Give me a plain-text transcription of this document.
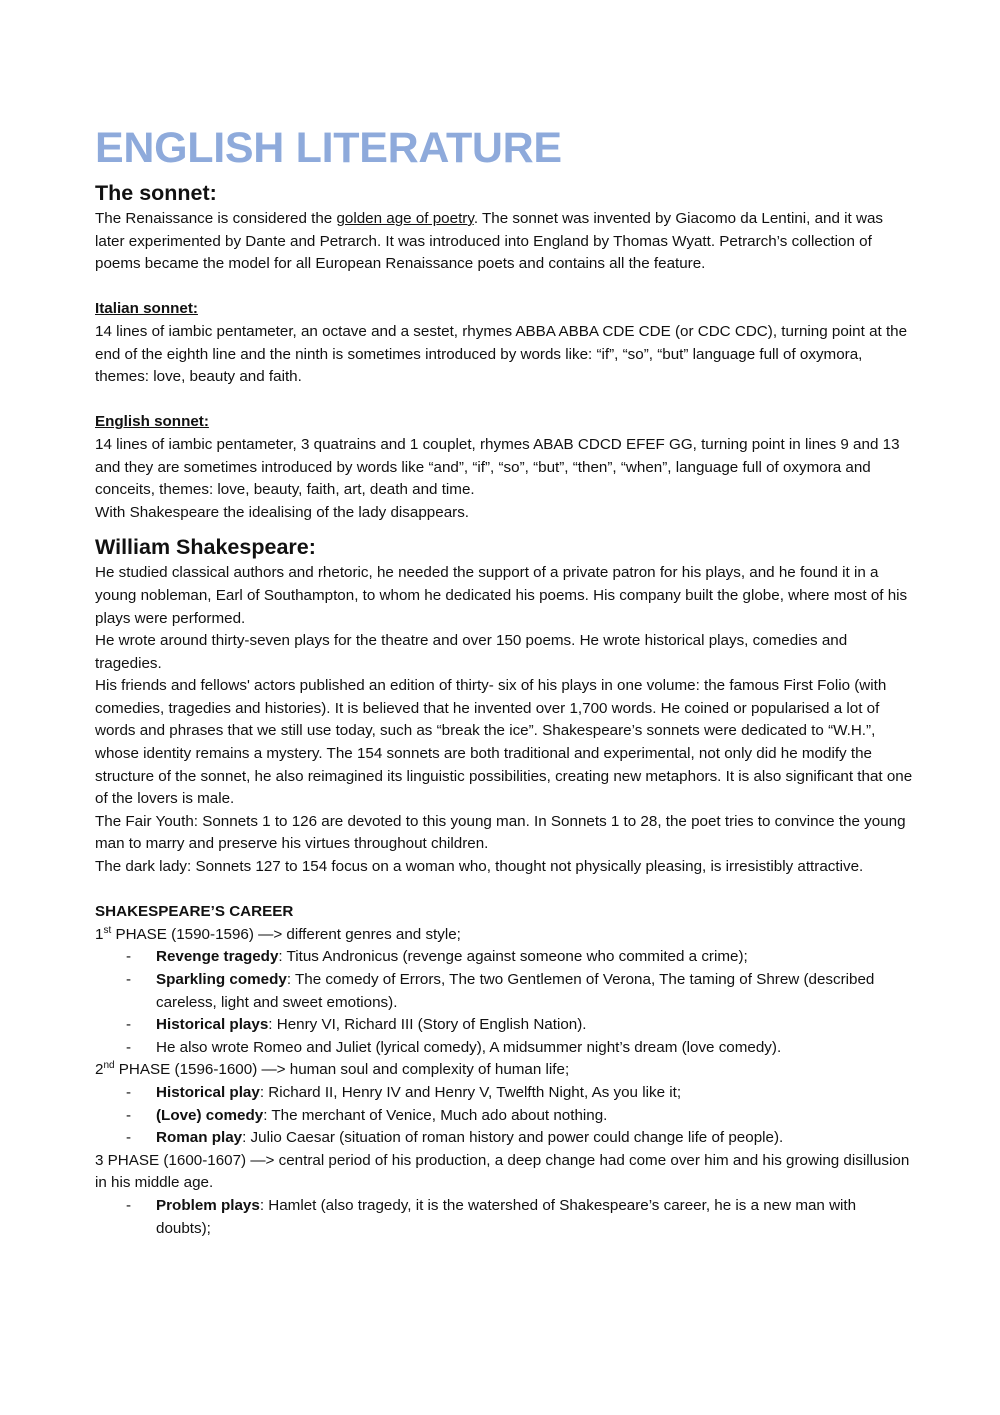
ENGLISH LITERATURE
The sonnet:

The Renaissance is considered the golden age of poetry. The sonnet was invented by Giacomo da Lentini, and it was later experimented by Dante and Petrarch. It was introduced into England by Thomas Wyatt. Petrarch’s collection of poems became the model for all European Renaissance poets and contains all the feature.

Italian sonnet:

14 lines of iambic pentameter, an octave and a sestet, rhymes ABBA ABBA CDE CDE (or CDC CDC), turning point at the end of the eighth line and the ninth is sometimes introduced by words like: “if”, “so”, “but” language full of oxymora, themes: love, beauty and faith.

English sonnet:

14 lines of iambic pentameter, 3 quatrains and 1 couplet, rhymes ABAB CDCD EFEF GG, turning point in lines 9 and 13 and they are sometimes introduced by words like “and”, “if”, “so”, “but”, “then”, “when”, language full of oxymora and conceits, themes: love, beauty, faith, art, death and time.

With Shakespeare the idealising of the lady disappears.

William Shakespeare:

He studied classical authors and rhetoric, he needed the support of a private patron for his plays, and he found it in a young nobleman, Earl of Southampton, to whom he dedicated his poems. His company built the globe, where most of his plays were performed.

He wrote around thirty-seven plays for the theatre and over 150 poems. He wrote historical plays, comedies and tragedies.

His friends and fellows' actors published an edition of thirty- six of his plays in one volume: the famous First Folio (with comedies, tragedies and histories). It is believed that he invented over 1,700 words. He coined or popularised a lot of words and phrases that we still use today, such as “break the ice”. Shakespeare’s sonnets were dedicated to “W.H.”, whose identity remains a mystery. The 154 sonnets are both traditional and experimental, not only did he modify the structure of the sonnet, he also reimagined its linguistic possibilities, creating new metaphors. It is also significant that one of the lovers is male.

The Fair Youth: Sonnets 1 to 126 are devoted to this young man. In Sonnets 1 to 28, the poet tries to convince the young man to marry and preserve his virtues throughout children.

The dark lady: Sonnets 127 to 154 focus on a woman who, thought not physically pleasing, is irresistibly attractive.

SHAKESPEARE’S CAREER

1st PHASE (1590-1596) —> different genres and style;

- Revenge tragedy: Titus Andronicus (revenge against someone who commited a crime);
- Sparkling comedy: The comedy of Errors, The two Gentlemen of Verona, The taming of Shrew (described careless, light and sweet emotions).
- Historical plays: Henry VI, Richard III (Story of English Nation).
- He also wrote Romeo and Juliet (lyrical comedy), A midsummer night’s dream (love comedy).

2nd PHASE (1596-1600) —> human soul and complexity of human life;

- Historical play: Richard II, Henry IV and Henry V, Twelfth Night, As you like it;
- (Love) comedy: The merchant of Venice, Much ado about nothing.
- Roman play: Julio Caesar (situation of roman history and power could change life of people).

3 PHASE (1600-1607) —> central period of his production, a deep change had come over him and his growing disillusion in his middle age.

- Problem plays: Hamlet (also tragedy, it is the watershed of Shakespeare’s career, he is a new man with doubts);
